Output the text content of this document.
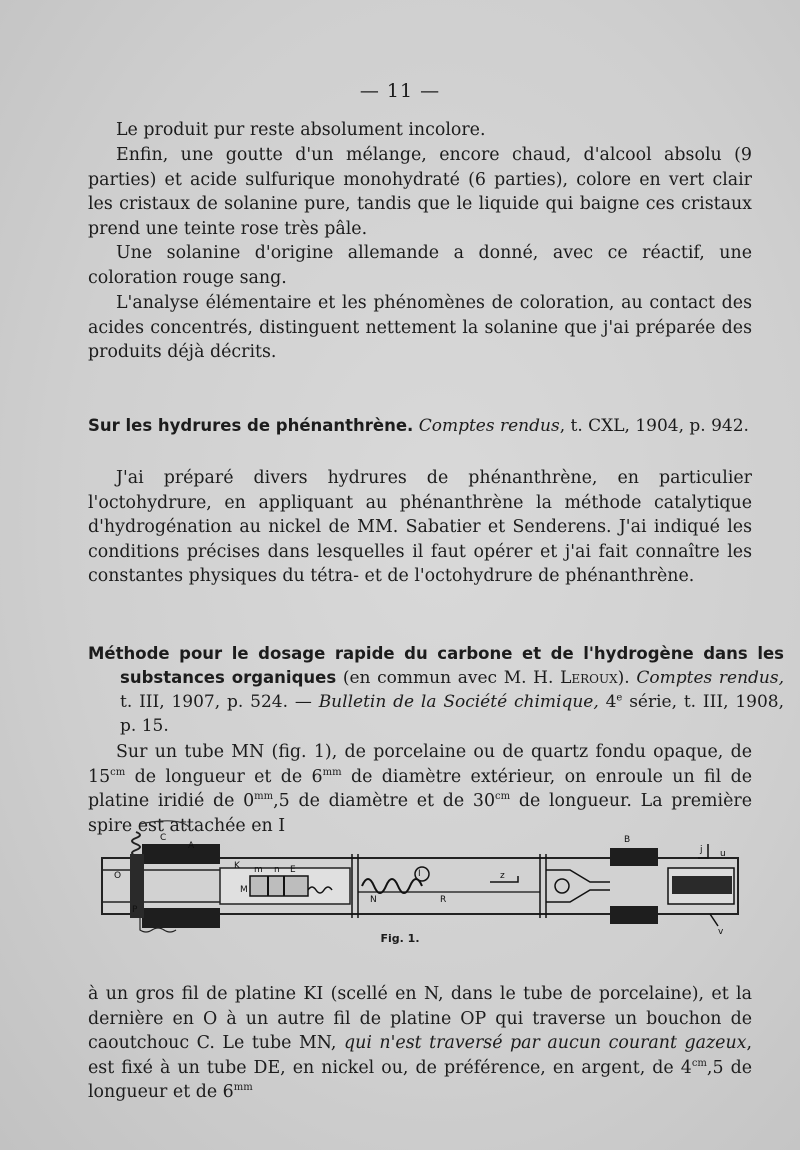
— 11 —

Le produit pur reste absolument incolore.

Enfin, une goutte d'un mélange, encore chaud, d'alcool absolu (9 parties) et acide sulfurique monohydraté (6 parties), colore en vert clair les cristaux de solanine pure, tandis que le liquide qui baigne ces cristaux prend une teinte rose très pâle.

Une solanine d'origine allemande a donné, avec ce réactif, une coloration rouge sang.

L'analyse élémentaire et les phénomènes de coloration, au contact des acides concentrés, distinguent nettement la solanine que j'ai préparée des produits déjà décrits.

Sur les hydrures de phénanthrène. Comptes rendus, t. CXL, 1904, p. 942.

J'ai préparé divers hydrures de phénanthrène, en particulier l'octohydrure, en appliquant au phénanthrène la méthode catalytique d'hydrogénation au nickel de MM. Sabatier et Senderens. J'ai indiqué les conditions précises dans lesquelles il faut opérer et j'ai fait connaître les constantes physiques du tétra- et de l'octohydrure de phénanthrène.

Méthode pour le dosage rapide du carbone et de l'hydrogène dans les substances organiques (en commun avec M. H. Leroux). Comptes rendus, t. III, 1907, p. 524. — Bulletin de la Société chimique, 4e série, t. III, 1908, p. 15.

Sur un tube MN (fig. 1), de porcelaine ou de quartz fondu opaque, de $15^{cm}$ de longueur et de $6^{mm}$ de diamètre extérieur, on enroule un fil de platine iridié de $0^{mm},5$ de diamètre et de $30^{cm}$ de longueur. La première spire est attachée en I

C
A
O
K m n E
M
I
N	R
z
B
j u
P
v
Fig. 1.

à un gros fil de platine KI (scellé en N, dans le tube de porcelaine), et la dernière en O à un autre fil de platine OP qui traverse un bouchon de caoutchouc C. Le tube MN, qui n'est traversé par aucun courant gazeux, est fixé à un tube DE, en nickel ou, de préférence, en argent, de $4^{cm},5$ de longueur et de $6^{mm}$
